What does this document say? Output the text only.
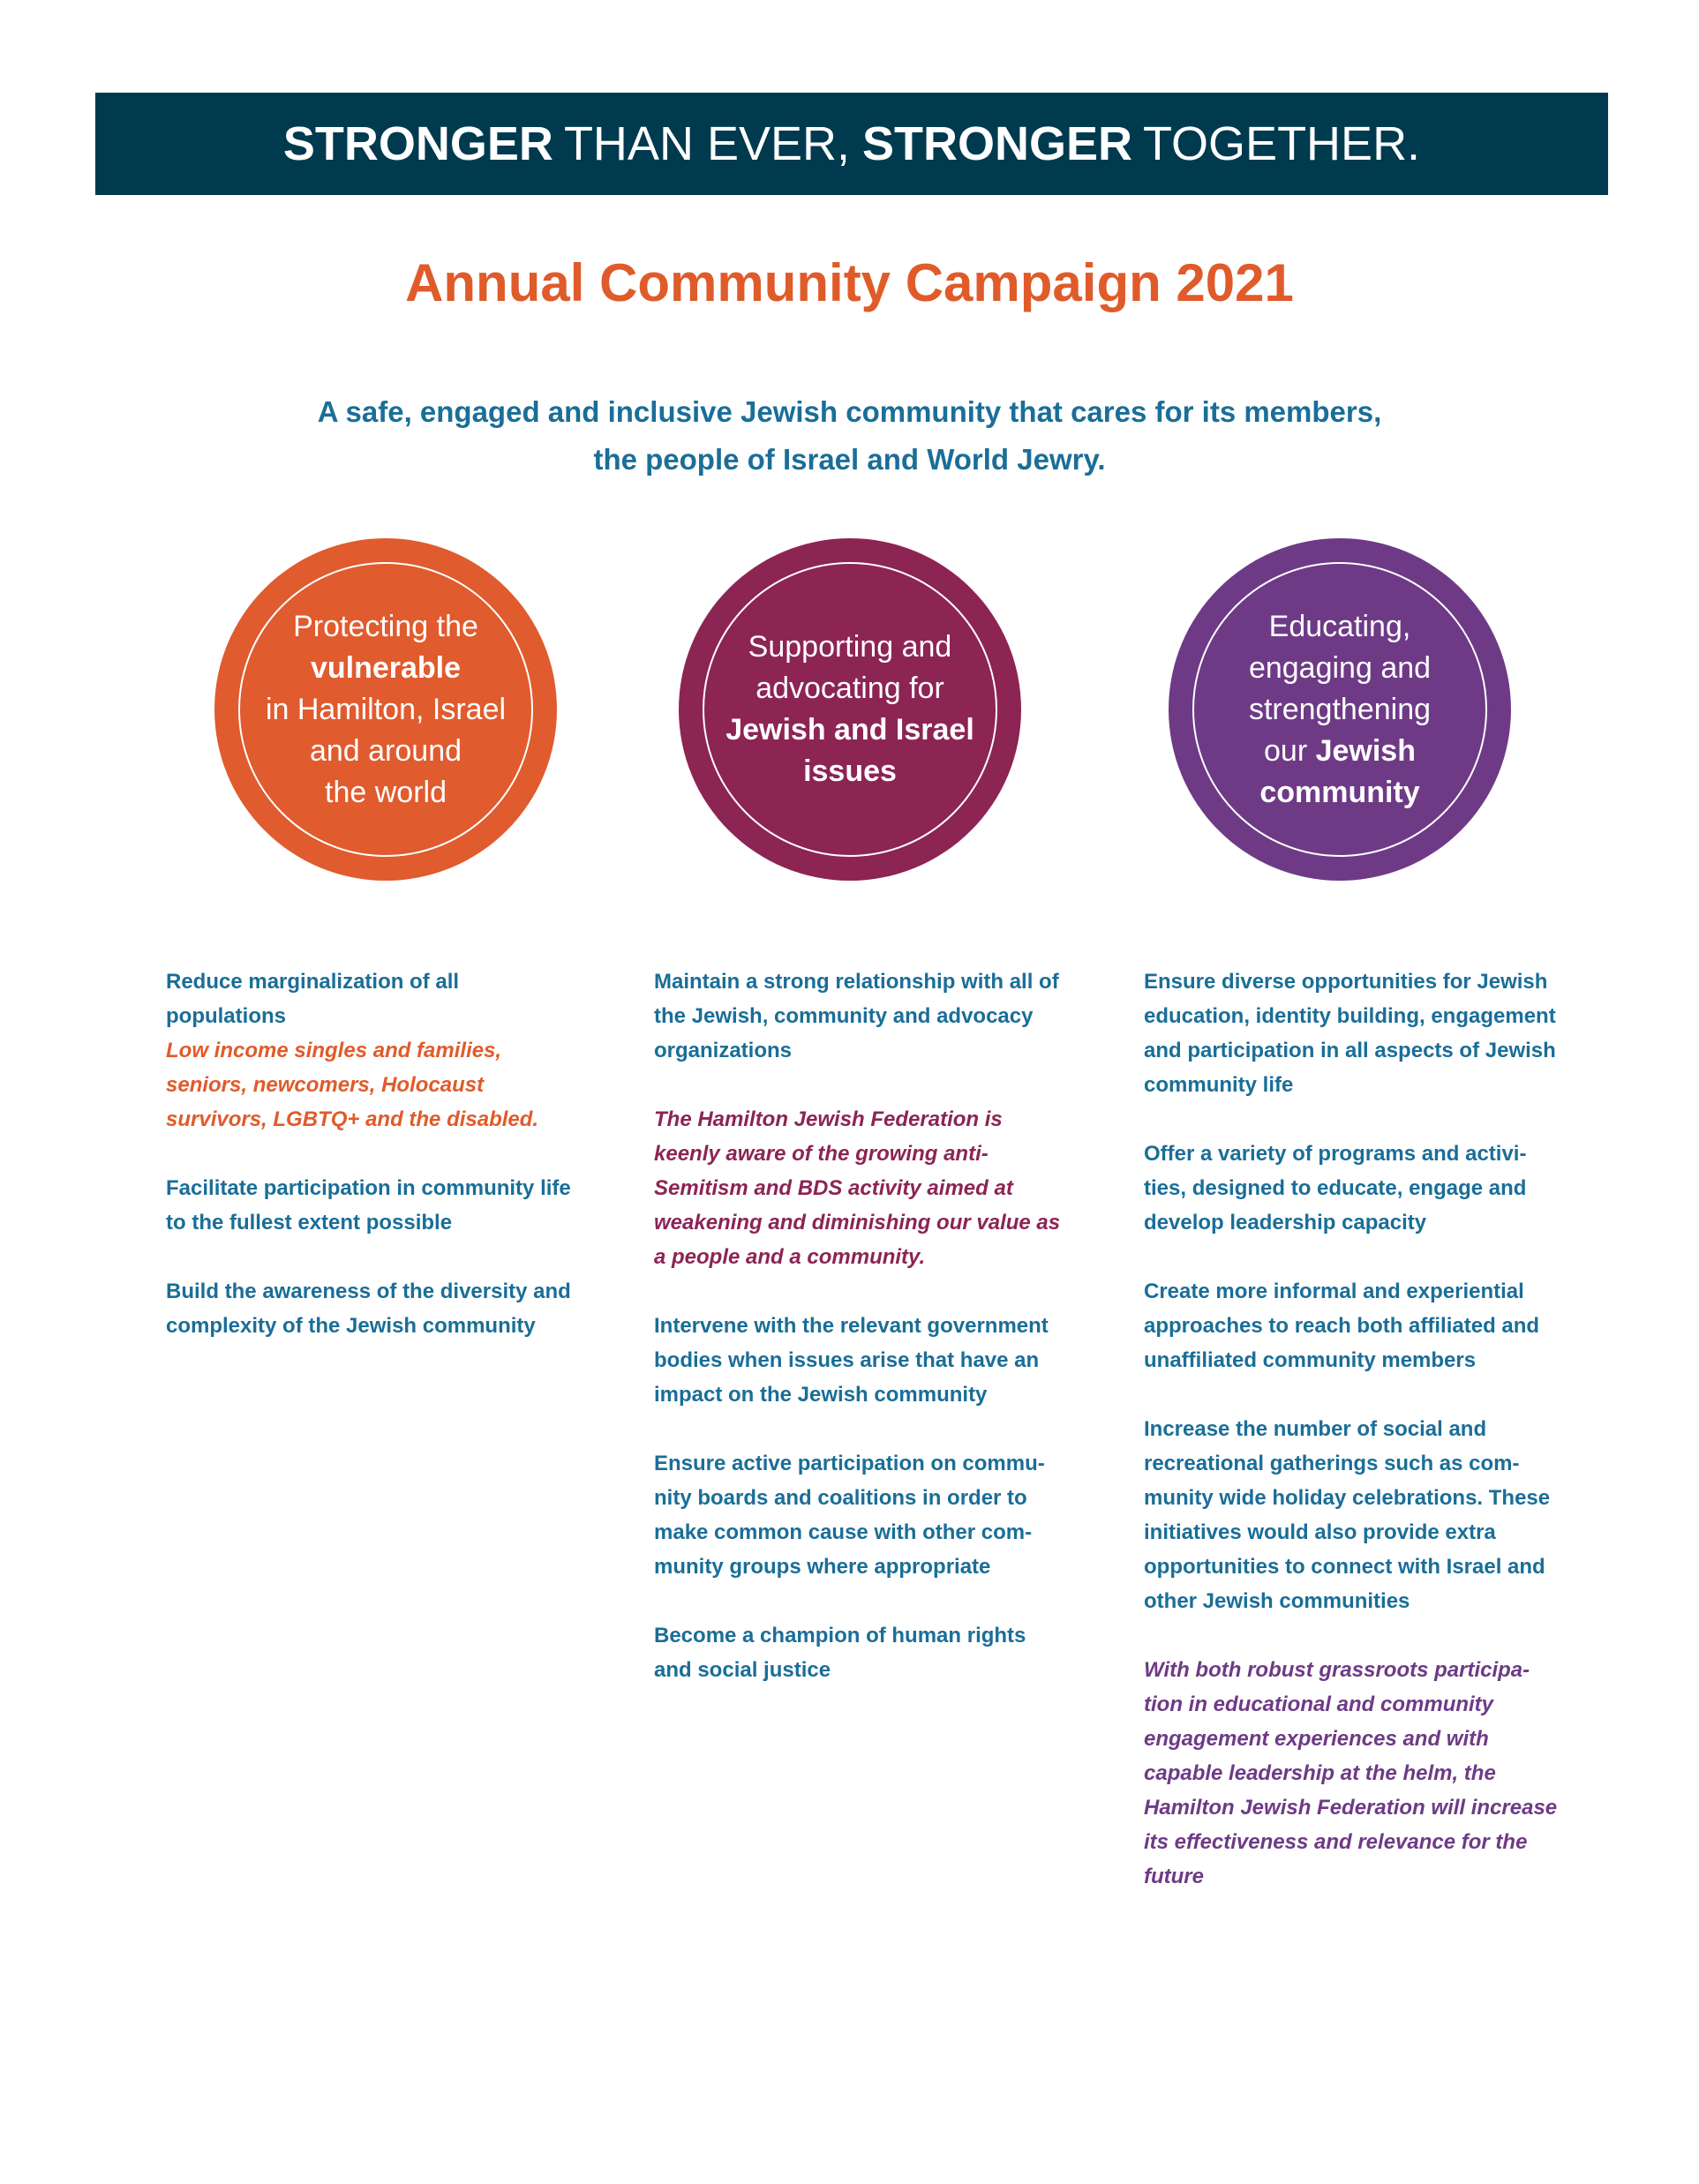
STRONGER THAN EVER, STRONGER TOGETHER.
Annual Community Campaign 2021
A safe, engaged and inclusive Jewish community that cares for its members,
the people of Israel and World Jewry.
Protecting the
vulnerable
in Hamilton, Israel
and around
the world
Supporting and
advocating for
Jewish and Israel
issues
Educating,
engaging and
strengthening
our Jewish
community

Reduce marginalization of all populations
Low income singles and families, seniors, newcomers, Holocaust survivors, LGBTQ+ and the disabled.

Facilitate participation in community life to the fullest extent possible

Build the awareness of the diversity and complexity of the Jewish community

Maintain a strong relationship with all of the Jewish, community and advocacy organizations

The Hamilton Jewish Federation is keenly aware of the growing anti-Semitism and BDS activity aimed at weakening and diminishing our value as a people and a community.

Intervene with the relevant government bodies when issues arise that have an impact on the Jewish community

Ensure active participation on commu-nity boards and coalitions in order to make common cause with other com-munity groups where appropriate

Become a champion of human rights and social justice

Ensure diverse opportunities for Jewish education, identity building, engagement and participation in all aspects of Jewish community life

Offer a variety of programs and activi-ties, designed to educate, engage and develop leadership capacity

Create more informal and experiential approaches to reach both affiliated and unaffiliated community members

Increase the number of social and recreational gatherings such as com-munity wide holiday celebrations. These initiatives would also provide extra opportunities to connect with Israel and other Jewish communities

With both robust grassroots participa-tion in educational and community engagement experiences and with capable leadership at the helm, the Hamilton Jewish Federation will increase its effectiveness and relevance for the future
